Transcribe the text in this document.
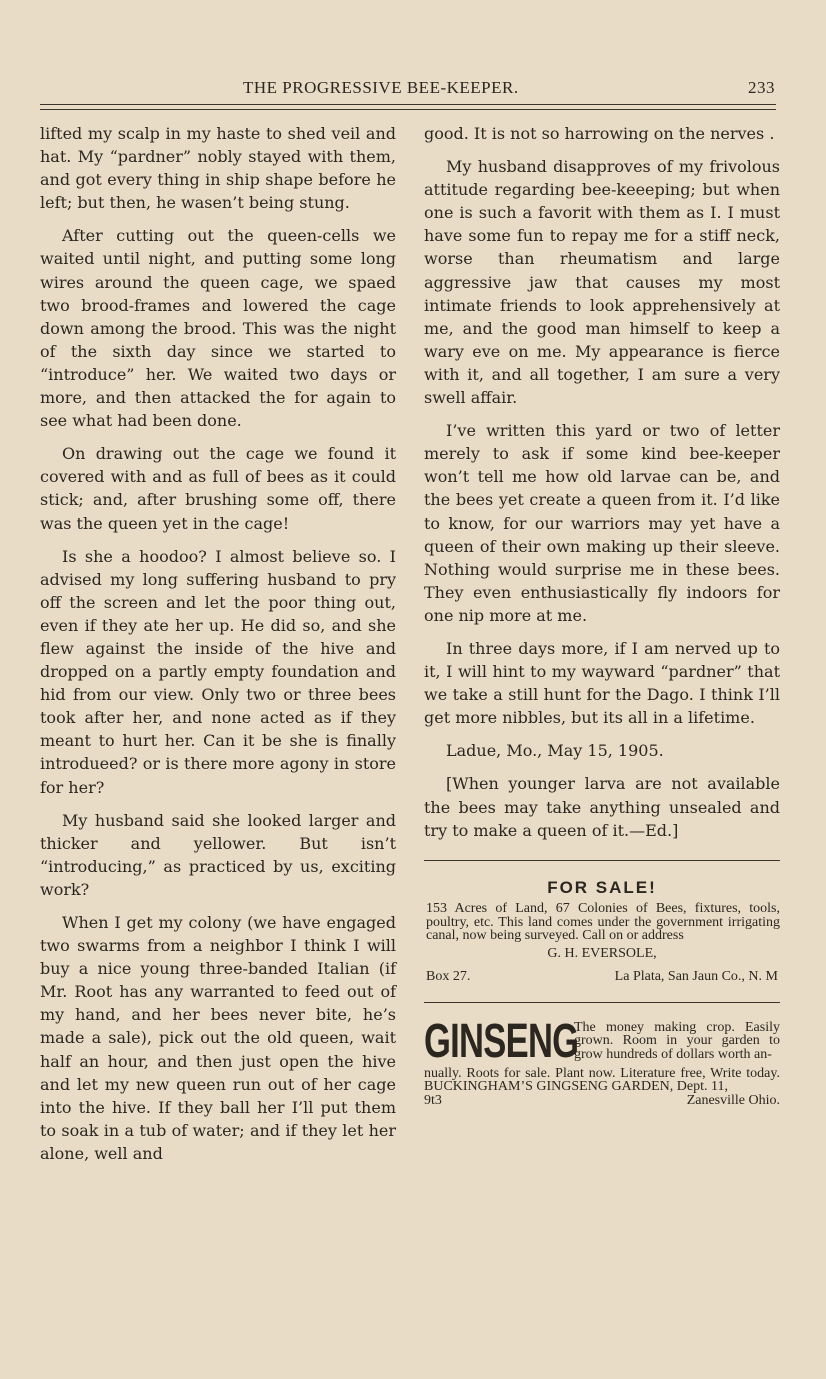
THE PROGRESSIVE BEE-KEEPER.	233

lifted my scalp in my haste to shed veil and hat. My “pardner” nobly stayed with them, and got every thing in ship shape before he left; but then, he wasen’t being stung.

After cutting out the queen-cells we waited until night, and putting some long wires around the queen cage, we spaed two brood-frames and lowered the cage down among the brood. This was the night of the sixth day since we started to “introduce” her. We waited two days or more, and then attacked the for again to see what had been done.

On drawing out the cage we found it covered with and as full of bees as it could stick; and, after brushing some off, there was the queen yet in the cage!

Is she a hoodoo? I almost believe so. I advised my long suffering husband to pry off the screen and let the poor thing out, even if they ate her up. He did so, and she flew against the inside of the hive and dropped on a partly empty foundation and hid from our view. Only two or three bees took after her, and none acted as if they meant to hurt her. Can it be she is finally introdueed? or is there more agony in store for her?

My husband said she looked larger and thicker and yellower. But isn’t “introducing,” as practiced by us, exciting work?

When I get my colony (we have engaged two swarms from a neighbor I think I will buy a nice young three-banded Italian (if Mr. Root has any warranted to feed out of my hand, and her bees never bite, he’s made a sale), pick out the old queen, wait half an hour, and then just open the hive and let my new queen run out of her cage into the hive. If they ball her I’ll put them to soak in a tub of water; and if they let her alone, well and

good. It is not so harrowing on the nerves .

My husband disapproves of my frivolous attitude regarding bee-keeeping; but when one is such a favorit with them as I. I must have some fun to repay me for a stiff neck, worse than rheumatism and large aggressive jaw that causes my most intimate friends to look apprehensively at me, and the good man himself to keep a wary eve on me. My appearance is fierce with it, and all together, I am sure a very swell affair.

I’ve written this yard or two of letter merely to ask if some kind bee-keeper won’t tell me how old larvae can be, and the bees yet create a queen from it. I’d like to know, for our warriors may yet have a queen of their own making up their sleeve. Nothing would surprise me in these bees. They even enthusiastically fly indoors for one nip more at me.

In three days more, if I am nerved up to it, I will hint to my wayward “pardner” that we take a still hunt for the Dago. I think I’ll get more nibbles, but its all in a lifetime.

Ladue, Mo., May 15, 1905.

[When younger larva are not available the bees may take anything unsealed and try to make a queen of it.—Ed.]

FOR SALE!
153 Acres of Land, 67 Colonies of Bees, fixtures, tools, poultry, etc. This land comes under the government irrigating canal, now being surveyed. Call on or address
G. H. EVERSOLE,
Box 27.	La Plata, San Jaun Co., N. M
GINSENG
The money making crop. Easily grown. Room in your garden to grow hundreds of dollars worth an-
nually. Roots for sale. Plant now. Literature free, Write today. BUCKINGHAM’S GINGSENG GARDEN, Dept. 11,
9t3	Zanesville Ohio.
